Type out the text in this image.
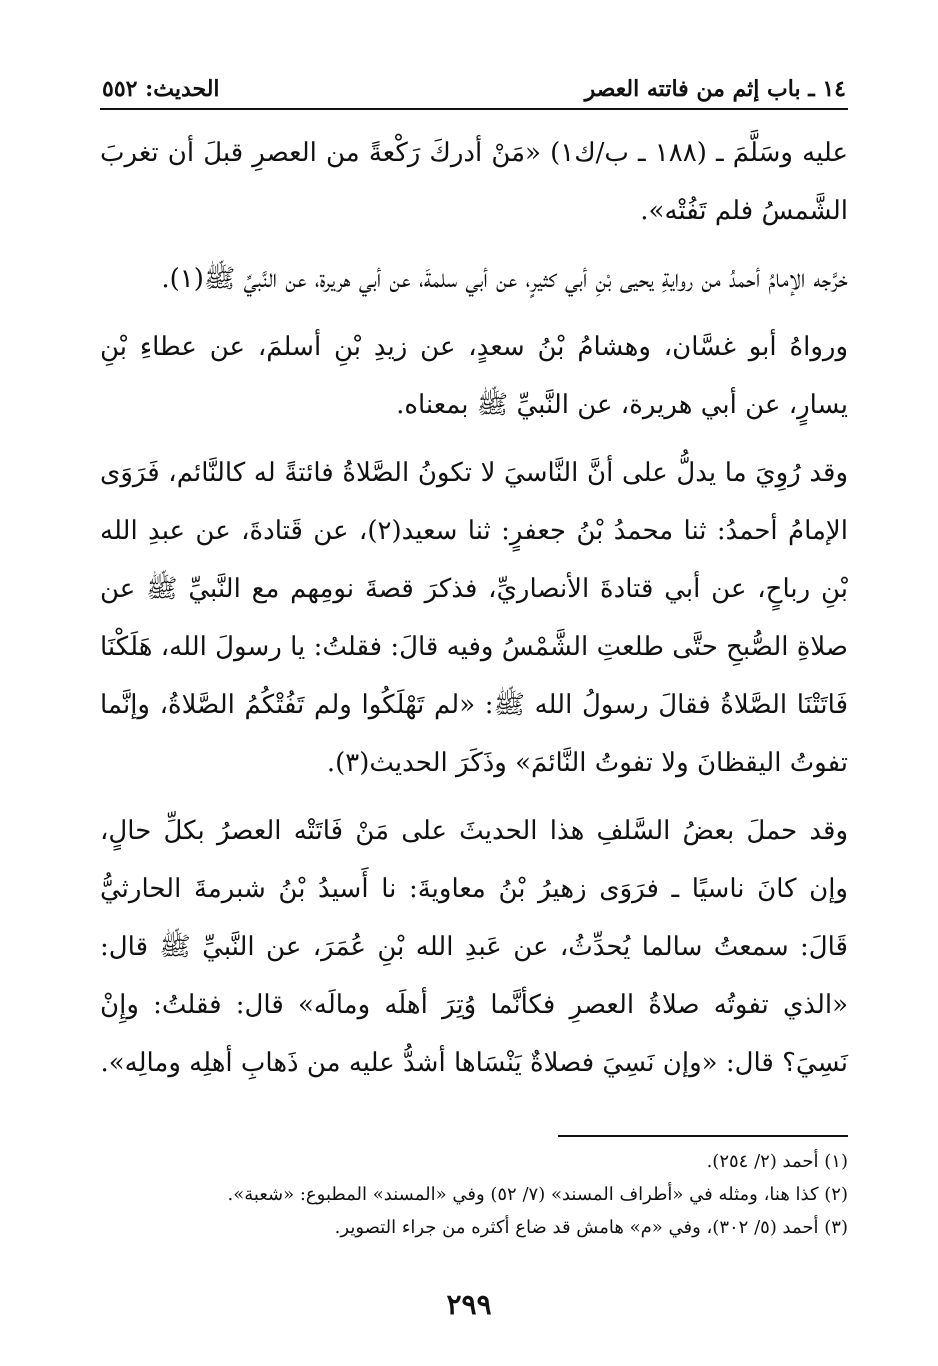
١٤ ـ باب إثم من فاتته العصر
الحديث: ٥٥٢

عليه وسَلَّمَ ـ (١٨٨ ـ ب/ك١) «مَنْ أدركَ رَكْعةً من العصرِ قبلَ أن تغربَ الشَّمسُ فلم تَفُتْه».

خرَّجه الإمامُ أحمدُ من روايةِ يحيى بْنِ أبي كثيرٍ، عن أبي سلمةَ، عن أبي هريرة، عن النَّبيِّ ﷺ(١).

ورواهُ أبو غسَّان، وهشامُ بْنُ سعدٍ، عن زيدِ بْنِ أسلمَ، عن عطاءِ بْنِ يسارٍ، عن أبي هريرة، عن النَّبيِّ ﷺ بمعناه.

وقد رُوِيَ ما يدلُّ على أنَّ النَّاسيَ لا تكونُ الصَّلاةُ فائتةً له كالنَّائم، فَرَوَى الإمامُ أحمدُ: ثنا محمدُ بْنُ جعفرٍ: ثنا سعيد(٢)، عن قَتادةَ، عن عبدِ الله بْنِ رباحٍ، عن أبي قتادةَ الأنصاريِّ، فذكرَ قصةَ نومِهم مع النَّبيِّ ﷺ عن صلاةِ الصُّبحِ حتَّى طلعتِ الشَّمْسُ وفيه قالَ: فقلتُ: يا رسولَ الله، هَلَكْنَا فَاتَتْنَا الصَّلاةُ فقالَ رسولُ الله ﷺ: «لم تَهْلَكُوا ولم تَفُتْكُمُ الصَّلاةُ، وإنَّما تفوتُ اليقظانَ ولا تفوتُ النَّائمَ» وذَكَرَ الحديث(٣).

وقد حملَ بعضُ السَّلفِ هذا الحديثَ على مَنْ فَاتَتْه العصرُ بكلِّ حالٍ، وإن كانَ ناسيًا ـ فرَوَى زهيرُ بْنُ معاويةَ: نا أَسيدُ بْنُ شبرمةَ الحارثيُّ قَالَ: سمعتُ سالما يُحدِّثُ، عن عَبدِ الله بْنِ عُمَرَ، عن النَّبيِّ ﷺ قال: «الذي تفوتُه صلاةُ العصرِ فكأنَّما وُتِرَ أهلَه ومالَه» قال: فقلتُ: وإِنْ نَسِيَ؟ قال: «وإن نَسِيَ فصلاةٌ يَنْسَاها أشدُّ عليه من ذَهابِ أهلِه ومالِه».

(١) أحمد (٢/ ٢٥٤).
(٢) كذا هنا، ومثله في «أطراف المسند» (٧/ ٥٢) وفي «المسند» المطبوع: «شعبة».
(٣) أحمد (٥/ ٣٠٢)، وفي «م» هامش قد ضاع أكثره من جراء التصوير.
٢٩٩
